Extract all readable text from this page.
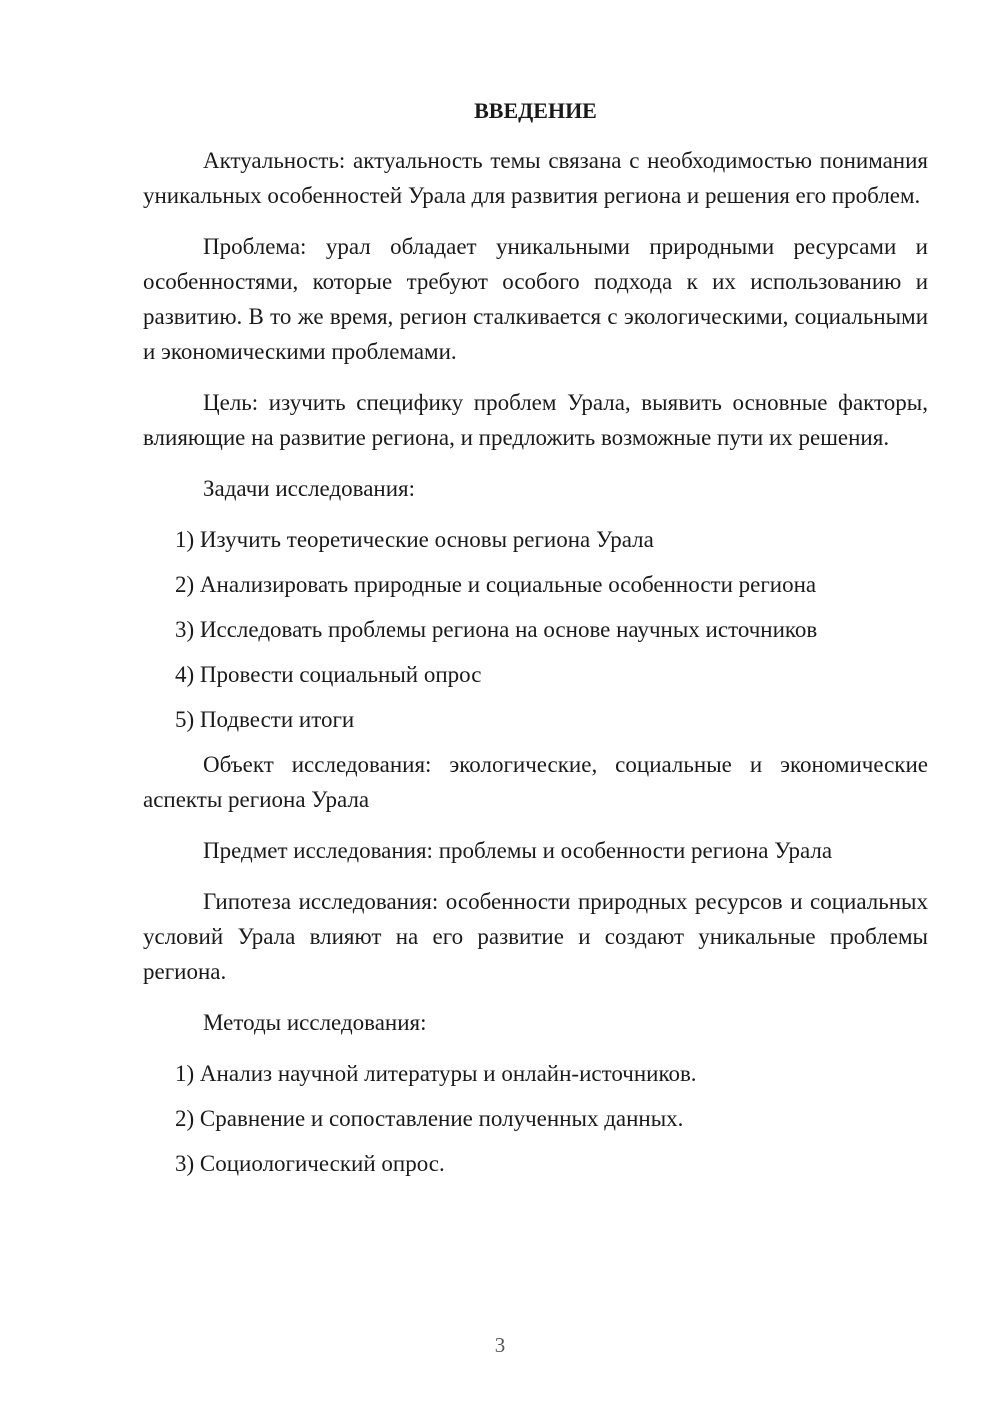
ВВЕДЕНИЕ

Актуальность: актуальность темы связана с необходимостью понимания уникальных особенностей Урала для развития региона и решения его проблем.

Проблема: урал обладает уникальными природными ресурсами и особенностями, которые требуют особого подхода к их использованию и развитию. В то же время, регион сталкивается с экологическими, социальными и экономическими проблемами.

Цель: изучить специфику проблем Урала, выявить основные факторы, влияющие на развитие региона, и предложить возможные пути их решения.

Задачи исследования:

1) Изучить теоретические основы региона Урала
2) Анализировать природные и социальные особенности региона
3) Исследовать проблемы региона на основе научных источников
4) Провести социальный опрос
5) Подвести итоги

Объект исследования: экологические, социальные и экономические аспекты региона Урала

Предмет исследования: проблемы и особенности региона Урала

Гипотеза исследования: особенности природных ресурсов и социальных условий Урала влияют на его развитие и создают уникальные проблемы региона.

Методы исследования:

1) Анализ научной литературы и онлайн-источников.
2) Сравнение и сопоставление полученных данных.
3) Социологический опрос.
3
